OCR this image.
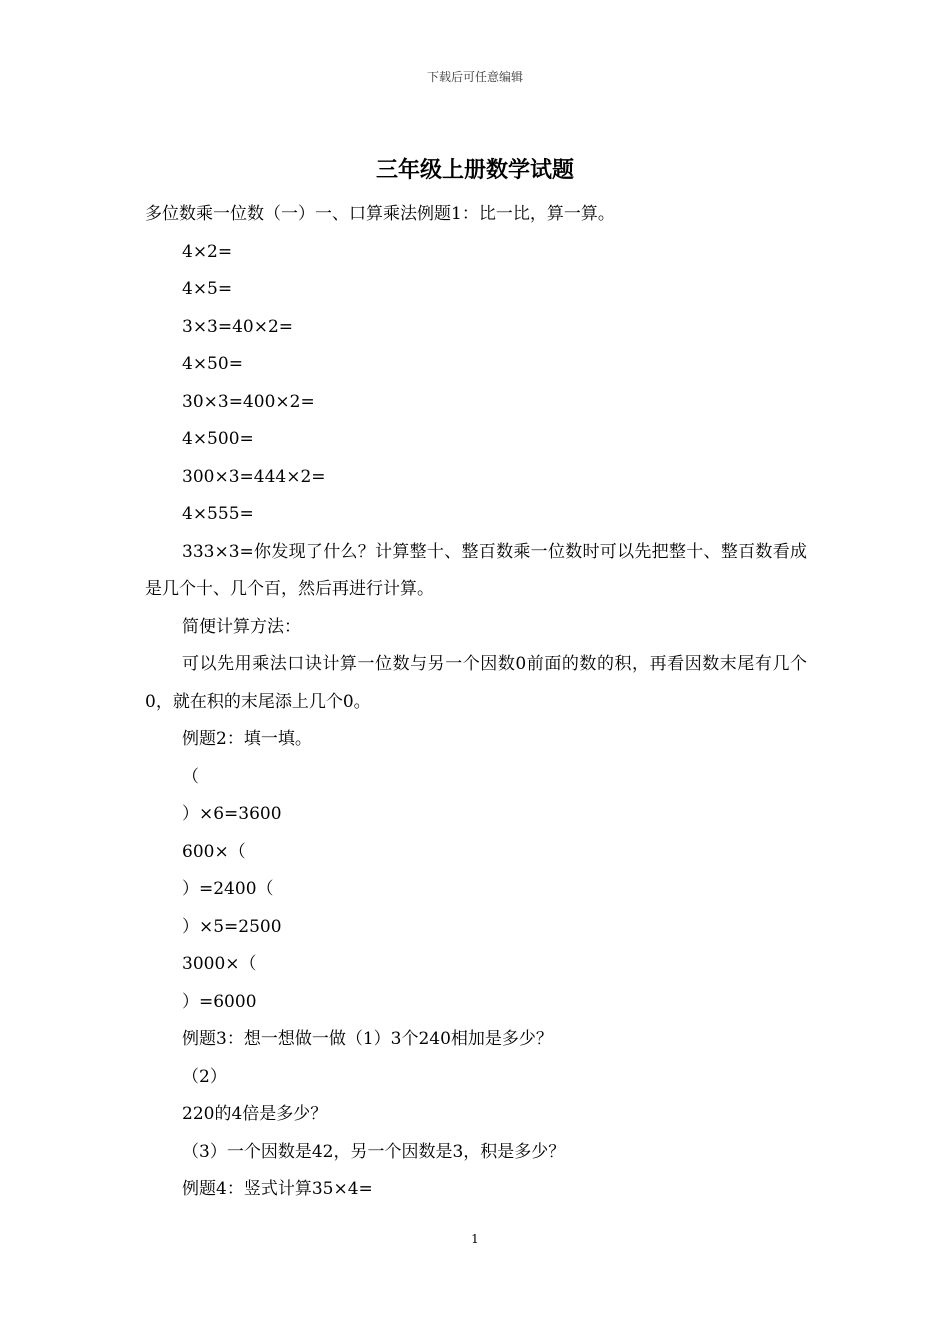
下载后可任意编辑
三年级上册数学试题
多位数乘一位数（一）一、口算乘法例题1：比一比，算一算。
4×2=
4×5=
3×3=40×2=
4×50=
30×3=400×2=
4×500=
300×3=444×2=
4×555=
333×3=你发现了什么？计算整十、整百数乘一位数时可以先把整十、整百数看成是几个十、几个百，然后再进行计算。
简便计算方法：
可以先用乘法口诀计算一位数与另一个因数0前面的数的积，再看因数末尾有几个0，就在积的末尾添上几个0。
例题2：填一填。
（
）×6=3600
600×（
）=2400（
）×5=2500
3000×（
）=6000
例题3：想一想做一做（1）3个240相加是多少？
（2）
220的4倍是多少？
（3）一个因数是42，另一个因数是3，积是多少？
例题4：竖式计算35×4=
1
